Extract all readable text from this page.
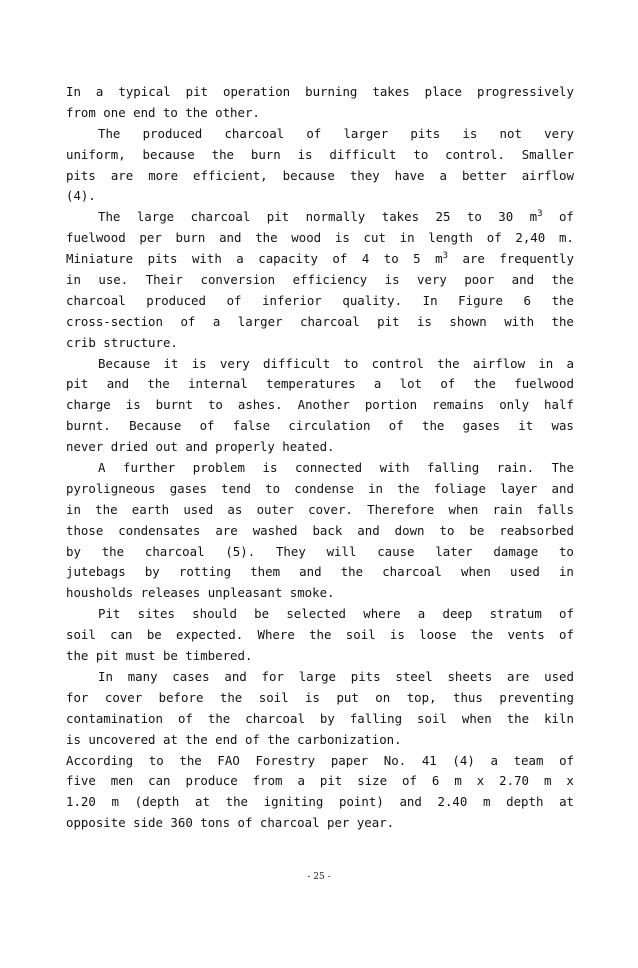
In a typical pit operation burning takes place progressively
from one end to the other.
The produced charcoal of larger pits is not very
uniform, because the burn is difficult to control. Smaller
pits are more efficient, because they have a better airflow
(4).
The large charcoal pit normally takes 25 to 30 $m^3$ of
fuelwood per burn and the wood is cut in length of 2,40 m.
Miniature pits with a capacity of 4 to 5 $m^3$ are frequently
in use. Their conversion efficiency is very poor and the
charcoal produced of inferior quality. In Figure 6 the
cross-section of a larger charcoal pit is shown with the
crib structure.
Because it is very difficult to control the airflow in a
pit and the internal temperatures a lot of the fuelwood
charge is burnt to ashes. Another portion remains only half
burnt. Because of false circulation of the gases it was
never dried out and properly heated.
A further problem is connected with falling rain. The
pyroligneous gases tend to condense in the foliage layer and
in the earth used as outer cover. Therefore when rain falls
those condensates are washed back and down to be reabsorbed
by the charcoal (5). They will cause later damage to
jutebags by rotting them and the charcoal when used in
housholds releases unpleasant smoke.
Pit sites should be selected where a deep stratum of
soil can be expected. Where the soil is loose the vents of
the pit must be timbered.
In many cases and for large pits steel sheets are used
for cover before the soil is put on top, thus preventing
contamination of the charcoal by falling soil when the kiln
is uncovered at the end of the carbonization.
According to the FAO Forestry paper No. 41 (4) a team of
five men can produce from a pit size of 6 m x 2.70 m x
1.20 m (depth at the igniting point) and 2.40 m depth at
opposite side 360 tons of charcoal per year.
- 25 -
